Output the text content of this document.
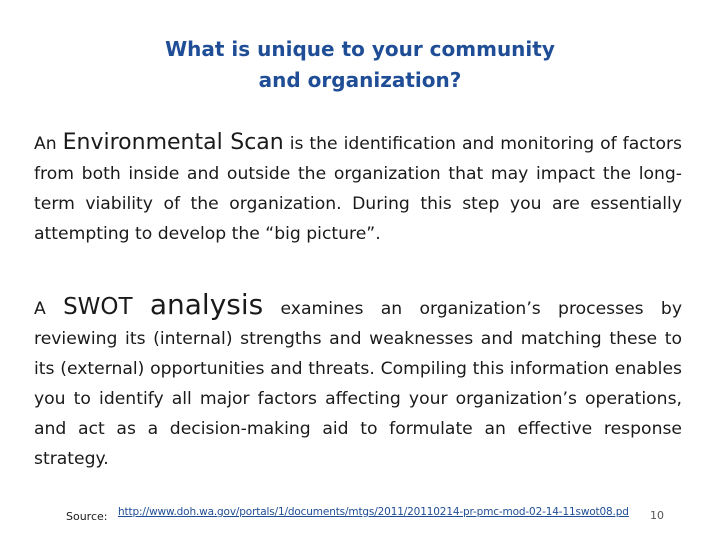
What is unique to your community
and organization?

An Environmental Scan is the identification and monitoring of factors from both inside and outside the organization that may impact the long-term viability of the organization. During this step you are essentially attempting to develop the “big picture”.

A SWOT analysis examines an organization’s processes by reviewing its (internal) strengths and weaknesses and matching these to its (external) opportunities and threats. Compiling this information enables you to identify all major factors affecting your organization’s operations, and act as a decision-making aid to formulate an effective response strategy.

Source: http://www.doh.wa.gov/portals/1/documents/mtgs/2011/20110214-pr-pmc-mod-02-14-11swot08.pd 10
